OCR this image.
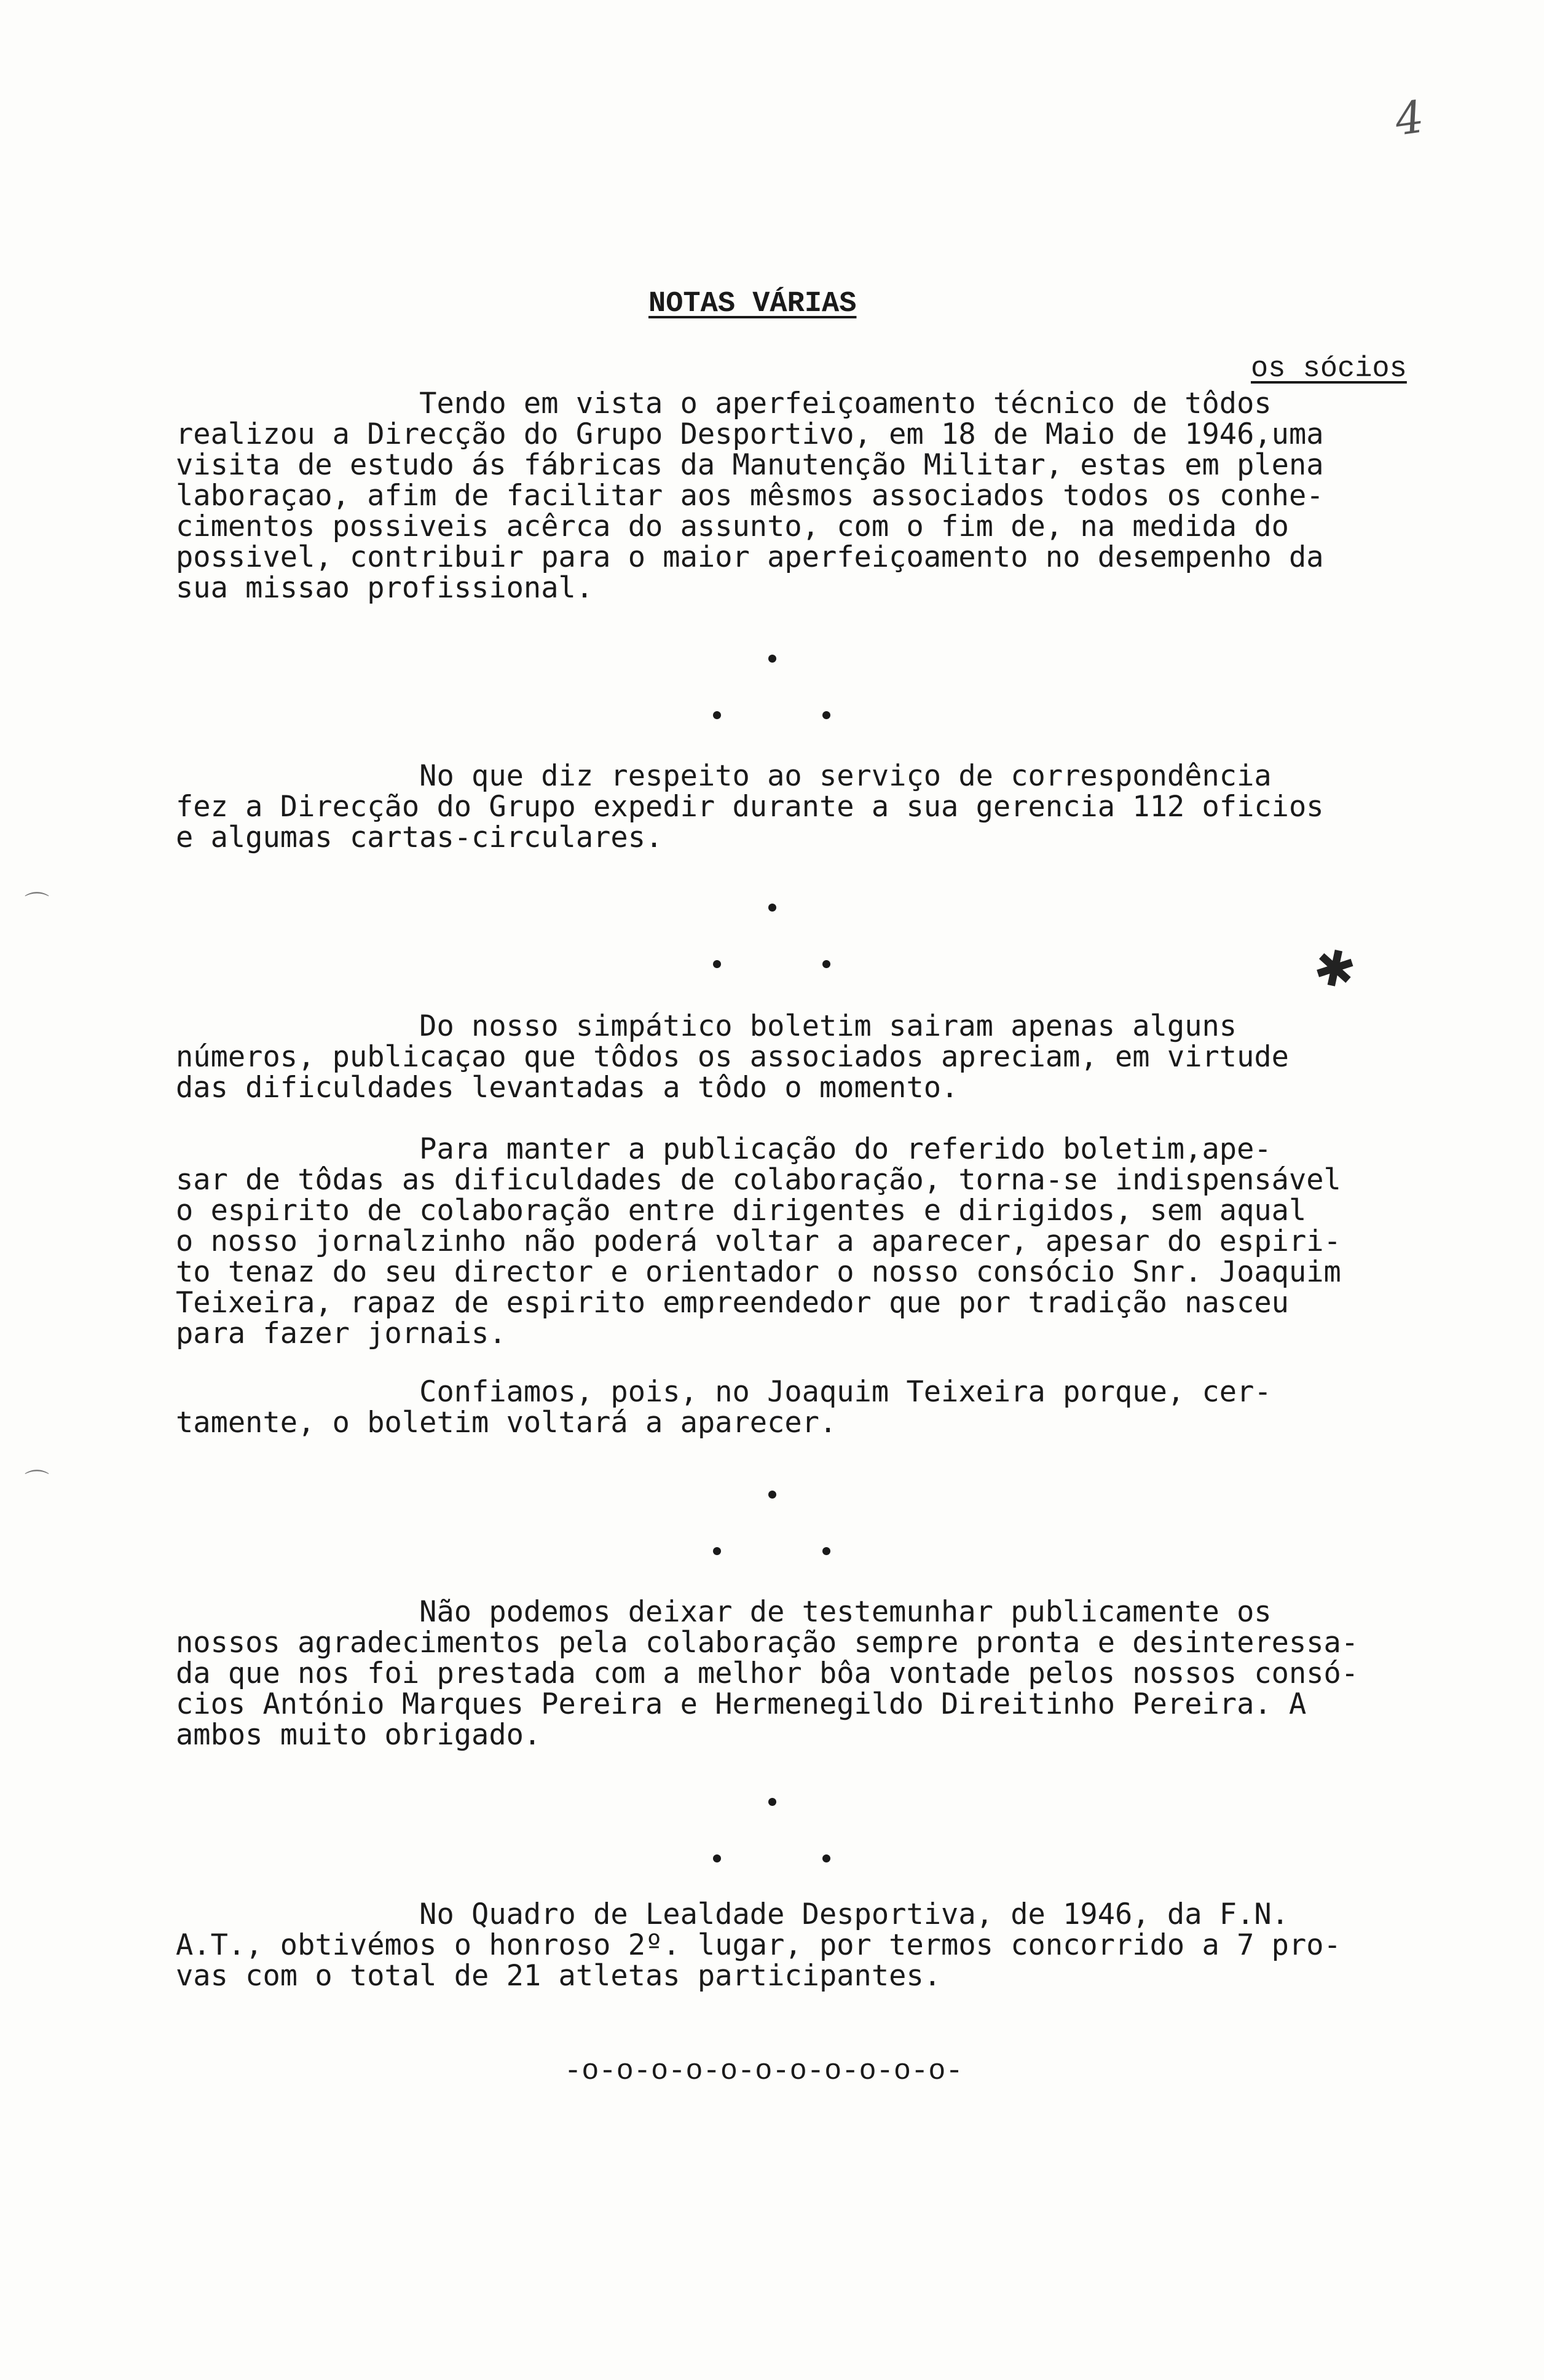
4
NOTAS VÁRIAS
os sócios
Tendo em vista o aperfeiçoamento técnico de tôdos
realizou a Direcção do Grupo Desportivo, em 18 de Maio de 1946,uma
visita de estudo ás fábricas da Manutenção Militar, estas em plena
laboraçao, afim de facilitar aos mêsmos associados todos os conhe-
cimentos possiveis acêrca do assunto, com o fim de, na medida do
possivel, contribuir para o maior aperfeiçoamento no desempenho da
sua missao profissional.
No que diz respeito ao serviço de correspondência
fez a Direcção do Grupo expedir durante a sua gerencia 112 oficios
e algumas cartas-circulares.
✱
Do nosso simpático boletim sairam apenas alguns
números, publicaçao que tôdos os associados apreciam, em virtude
das dificuldades levantadas a tôdo o momento.
Para manter a publicação do referido boletim,ape-
sar de tôdas as dificuldades de colaboração, torna-se indispensável
o espirito de colaboração entre dirigentes e dirigidos, sem aqual
o nosso jornalzinho não poderá voltar a aparecer, apesar do espiri-
to tenaz do seu director e orientador o nosso consócio Snr. Joaquim
Teixeira, rapaz de espirito empreendedor que por tradição nasceu
para fazer jornais.
Confiamos, pois, no Joaquim Teixeira porque, cer-
tamente, o boletim voltará a aparecer.
Não podemos deixar de testemunhar publicamente os
nossos agradecimentos pela colaboração sempre pronta e desinteressa-
da que nos foi prestada com a melhor bôa vontade pelos nossos consó-
cios António Marques Pereira e Hermenegildo Direitinho Pereira. A
ambos muito obrigado.
No Quadro de Lealdade Desportiva, de 1946, da F.N.
A.T., obtivémos o honroso 2º. lugar, por termos concorrido a 7 pro-
vas com o total de 21 atletas participantes.
-o-o-o-o-o-o-o-o-o-o-o-
⌒
⌒
